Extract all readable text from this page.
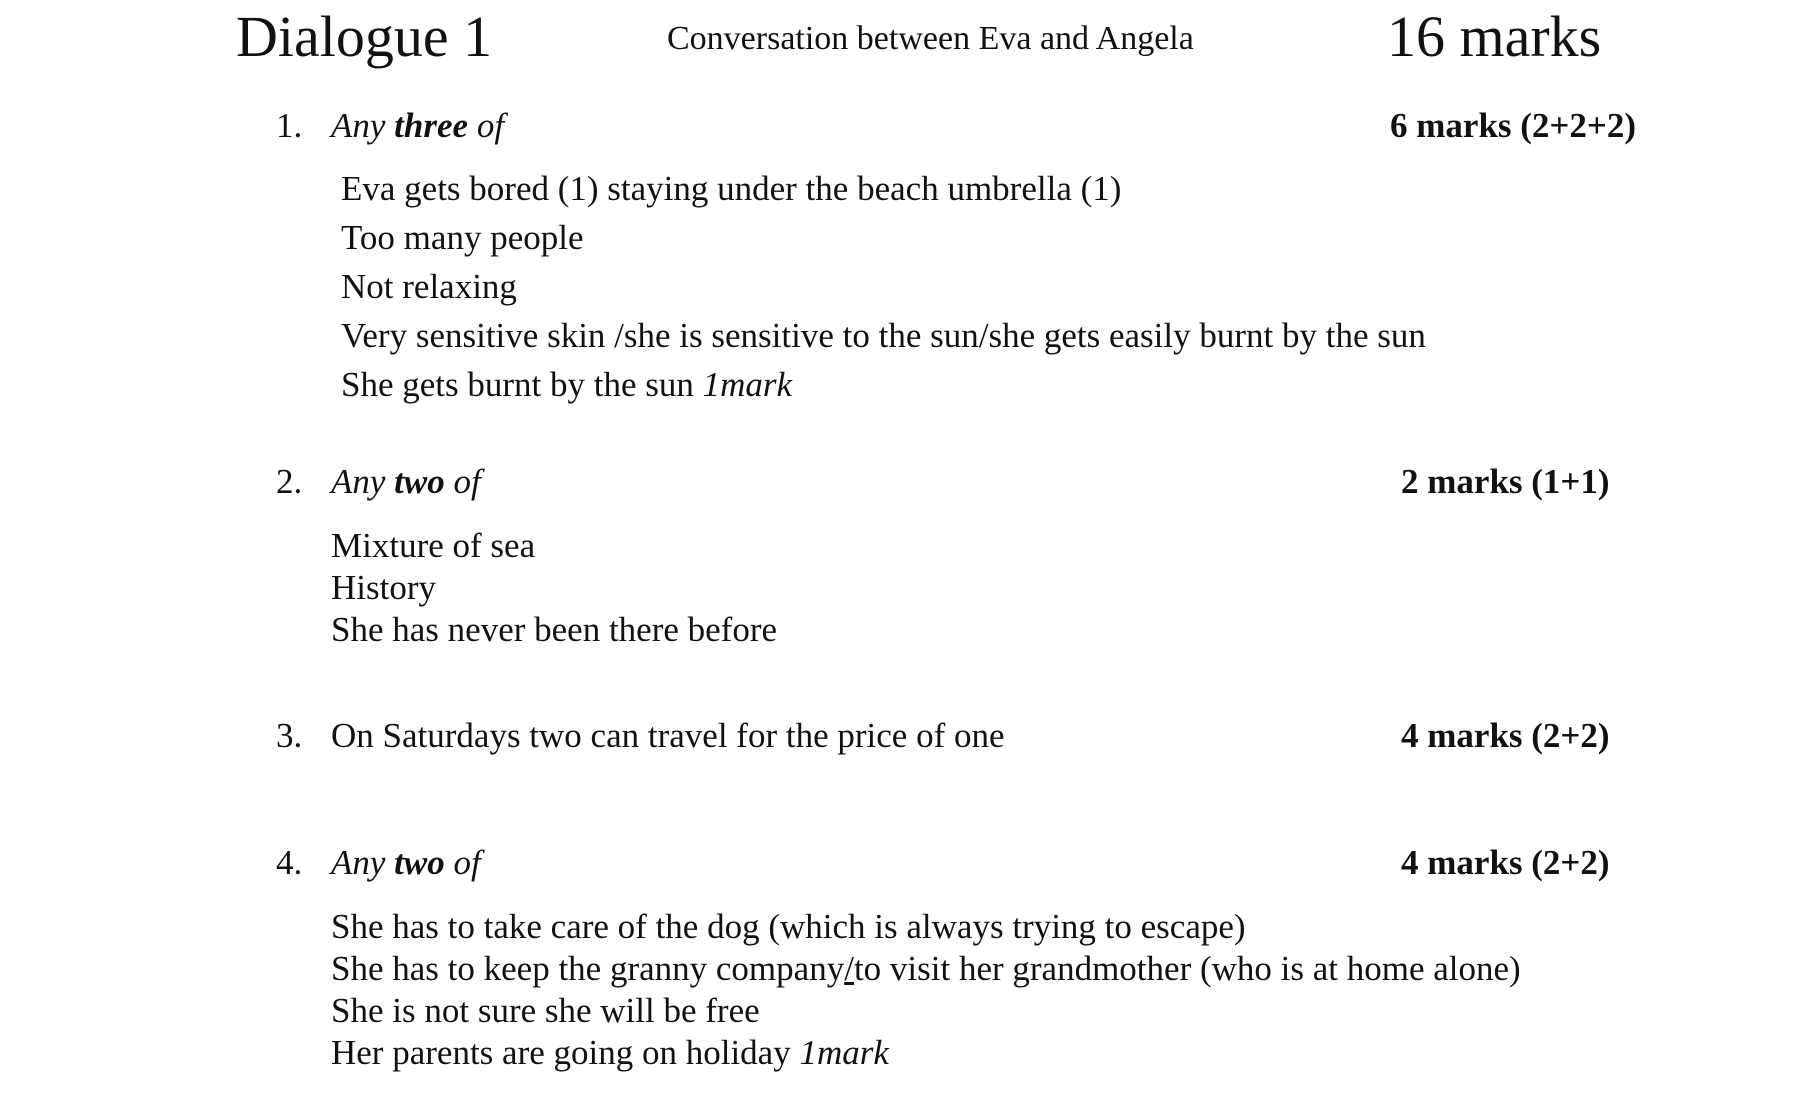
Dialogue 1	Conversation between Eva and Angela	16 marks
1. Any three of	6 marks (2+2+2)
Eva gets bored (1) staying under the beach umbrella (1)
Too many people
Not relaxing
Very sensitive skin /she is sensitive to the sun/she gets easily burnt by the sun
She gets burnt by the sun 1mark
2. Any two of	2 marks (1+1)
Mixture of sea
History
She has never been there before
3. On Saturdays two can travel for the price of one	4 marks (2+2)
4. Any two of	4 marks (2+2)
She has to take care of the dog (which is always trying to escape)
She has to keep the granny company/to visit her grandmother (who is at home alone)
She is not sure she will be free
Her parents are going on holiday 1mark
